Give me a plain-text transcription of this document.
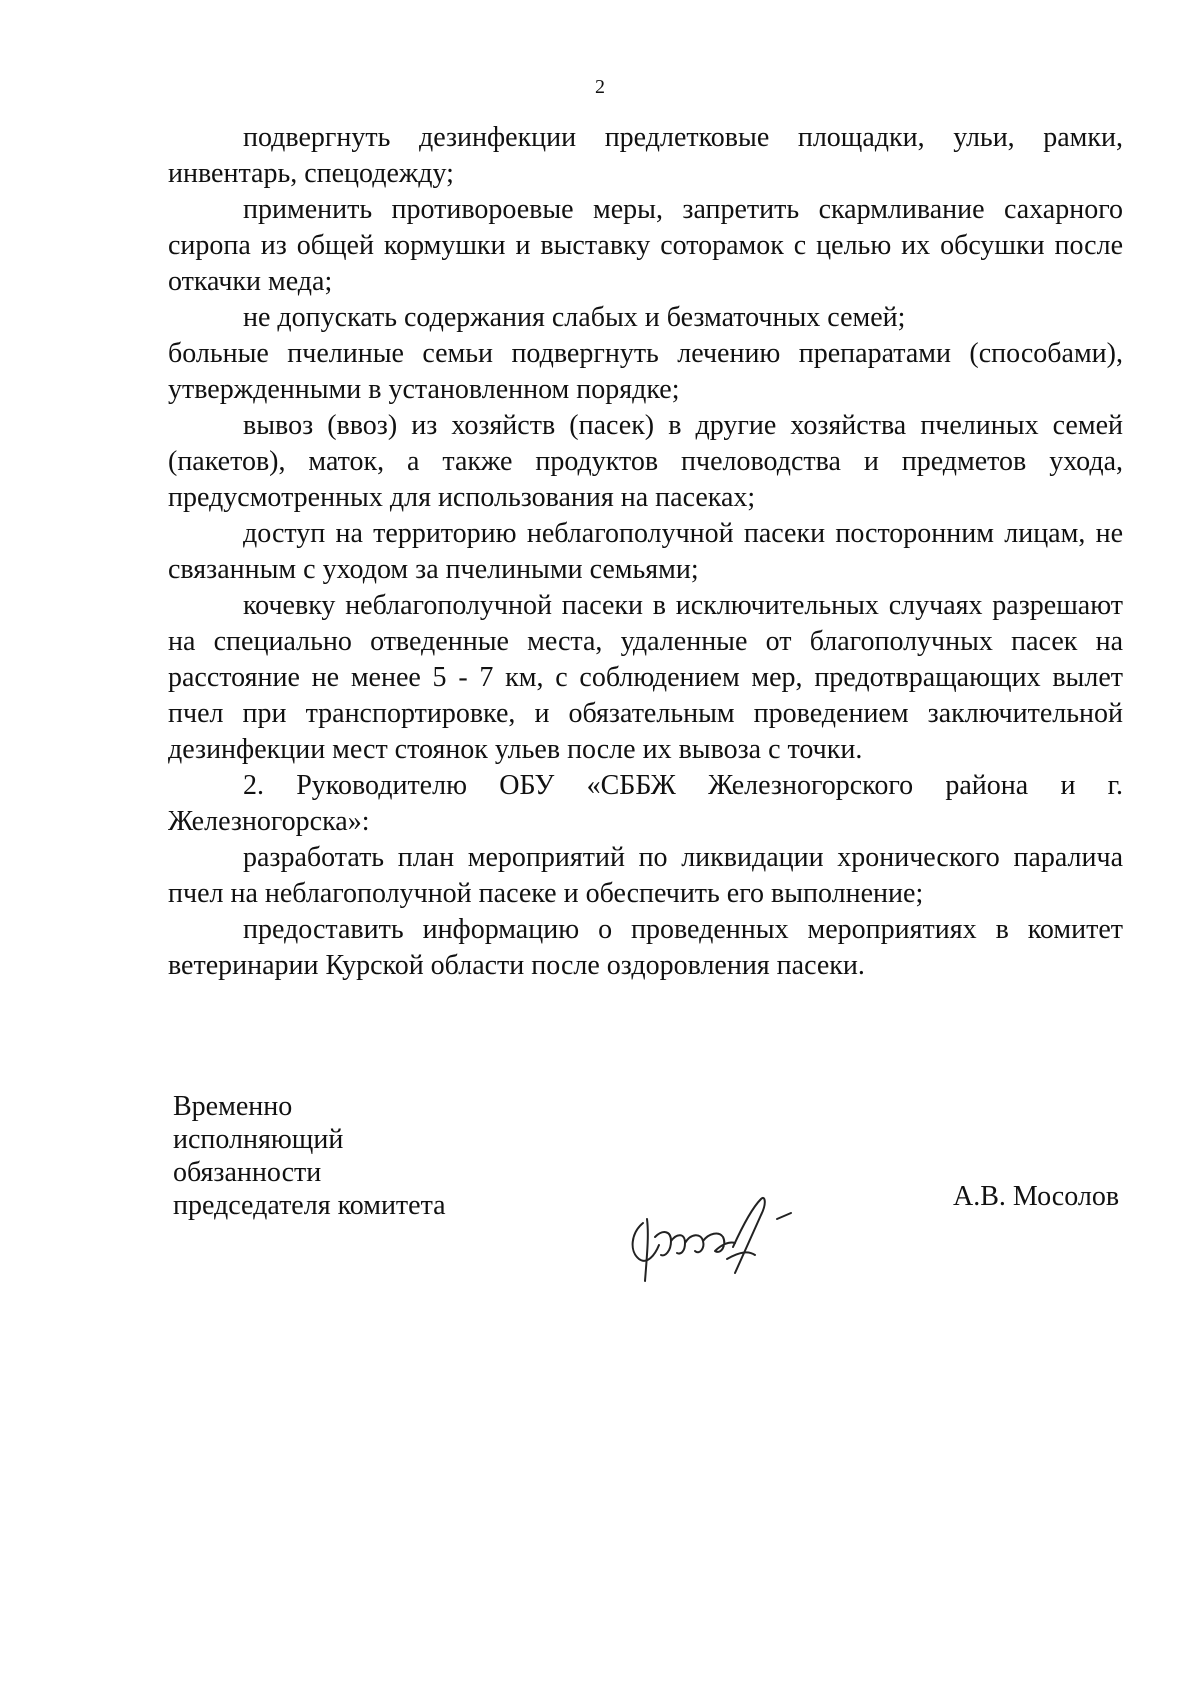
2

подвергнуть дезинфекции предлетковые площадки, ульи, рамки, инвентарь, спецодежду;

применить противороевые меры, запретить скармливание сахарного сиропа из общей кормушки и выставку соторамок с целью их обсушки после откачки меда;

не допускать содержания слабых и безматочных семей;

больные пчелиные семьи подвергнуть лечению препаратами (способами), утвержденными в установленном порядке;

вывоз (ввоз) из хозяйств (пасек) в другие хозяйства пчелиных семей (пакетов), маток, а также продуктов пчеловодства и предметов ухода, предусмотренных для использования на пасеках;

доступ на территорию неблагополучной пасеки посторонним лицам, не связанным с уходом за пчелиными семьями;

кочевку неблагополучной пасеки в исключительных случаях разрешают на специально отведенные места, удаленные от благополучных пасек на расстояние не менее 5 - 7 км, с соблюдением мер, предотвращающих вылет пчел при транспортировке, и обязательным проведением заключительной дезинфекции мест стоянок ульев после их вывоза с точки.

2. Руководителю ОБУ «СББЖ Железногорского района и г. Железногорска»:

разработать план мероприятий по ликвидации хронического паралича пчел на неблагополучной пасеке и обеспечить его выполнение;

предоставить информацию о проведенных мероприятиях в комитет ветеринарии Курской области после оздоровления пасеки.

Временно
исполняющий
обязанности
председателя комитета	А.В. Мосолов
